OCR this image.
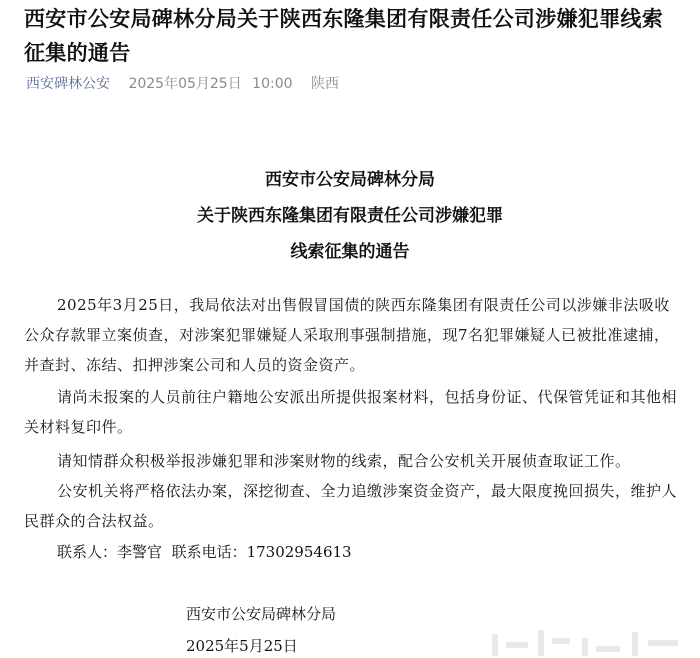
西安市公安局碑林分局关于陕西东隆集团有限责任公司涉嫌犯罪线索征集的通告
西安碑林公安 2025年05月25日 10:00 陕西
西安市公安局碑林分局
关于陕西东隆集团有限责任公司涉嫌犯罪
线索征集的通告
2025年3月25日，我局依法对出售假冒国债的陕西东隆集团有限责任公司以涉嫌非法吸收公众存款罪立案侦查，对涉案犯罪嫌疑人采取刑事强制措施，现7名犯罪嫌疑人已被批准逮捕，并查封、冻结、扣押涉案公司和人员的资金资产。
请尚未报案的人员前往户籍地公安派出所提供报案材料，包括身份证、代保管凭证和其他相关材料复印件。
请知情群众积极举报涉嫌犯罪和涉案财物的线索，配合公安机关开展侦查取证工作。
公安机关将严格依法办案，深挖彻查、全力追缴涉案资金资产，最大限度挽回损失，维护人民群众的合法权益。
联系人：李警官 联系电话：17302954613
西安市公安局碑林分局
2025年5月25日
